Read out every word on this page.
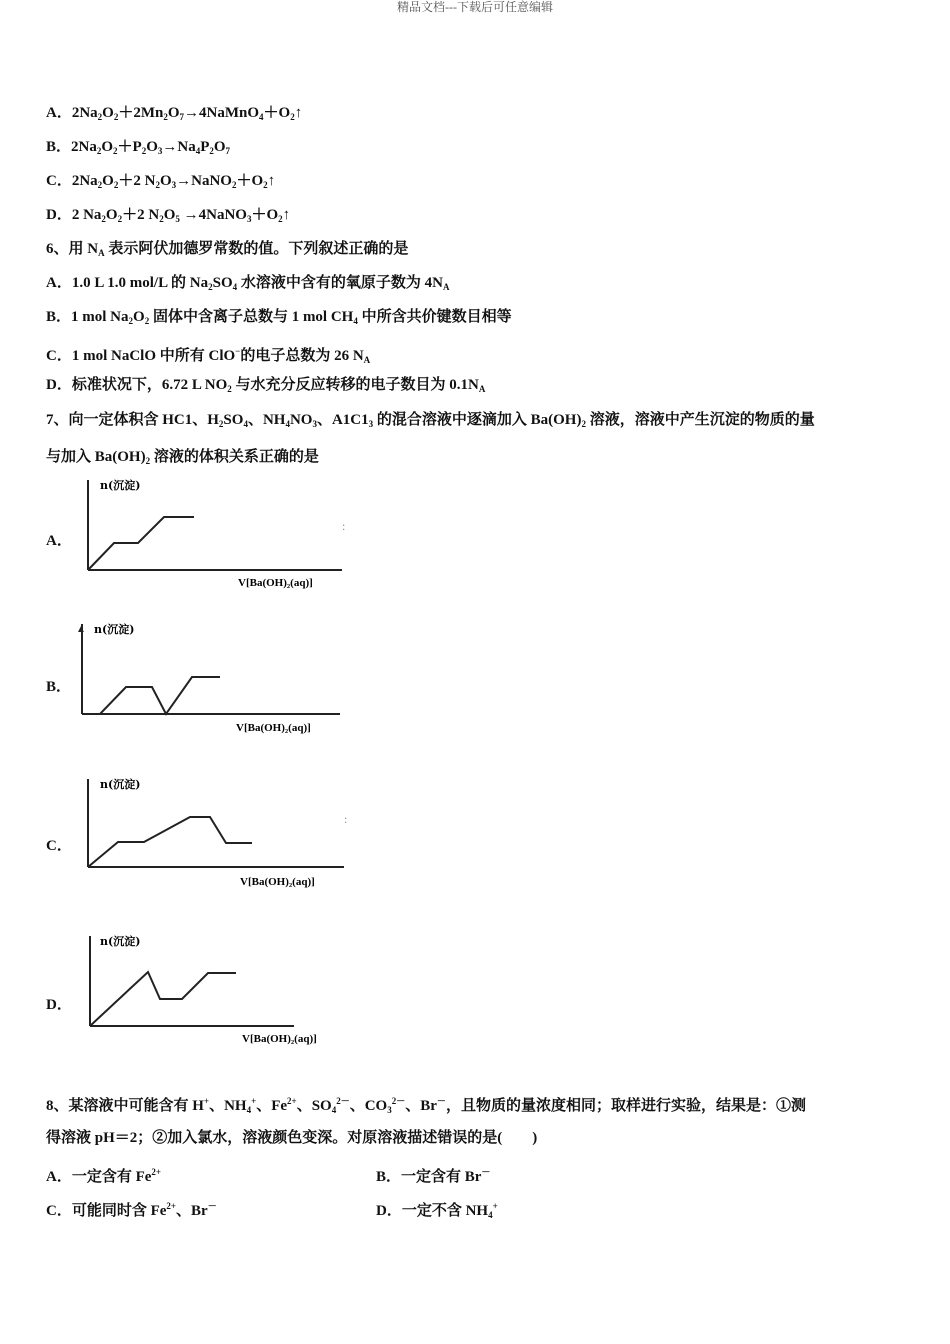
精品文档---下载后可任意编辑
A．$2Na_2O_2+2Mn_2O_7\to 4NaMnO_4+O_2↑$
B．$2Na_2O_2+P_2O_3\to Na_4P_2O_7$
C．$2Na_2O_2+2$ $N_2O_3\to NaNO_2+O_2↑$
D．2 $Na_2O_2+2$ $N_2O_5$ $\to 4NaNO_3+O_2↑$
6、用 $N_A$ 表示阿伏加德罗常数的值。下列叙述正确的是
A．1.0 L 1.0 mol/L 的 $Na_2SO_4$ 水溶液中含有的氧原子数为 $4N_A$
B．1 mol $Na_2O_2$ 固体中含离子总数与 1 mol $CH_4$ 中所含共价键数目相等
C．1 mol NaClO 中所有 ClO−的电子总数为 26 $N_A$
D．标准状况下，6.72 L $NO_2$ 与水充分反应转移的电子数目为 $0.1N_A$
7、向一定体积含 HC1、$H_2SO_4$、$NH_4NO_3$、$A1C1_3$ 的混合溶液中逐滴加入 $Ba(OH)_2$ 溶液，溶液中产生沉淀的物质的量
与加入 $Ba(OH)_2$ 溶液的体积关系正确的是
A．
n(沉淀)
V[Ba(OH)₂(aq)]
:
B．
▲ n(沉淀)
V[Ba(OH)₂(aq)]
C．
n(沉淀)
V[Ba(OH)₂(aq)]
:
D．
n(沉淀)
V[Ba(OH)₂(aq)]
8、某溶液中可能含有 H+、$NH_4^+$、$Fe^{2+}$、$SO_4^{2-}$、$CO_3^{2-}$、Br－，且物质的量浓度相同；取样进行实验，结果是：①测
得溶液 pH＝2；②加入氯水，溶液颜色变深。对原溶液描述错误的是(　　)
A．一定含有 $Fe^{2+}$	B．一定含有 Br－
C．可能同时含 $Fe^{2+}$、Br－	D．一定不含 $NH_4^+$
